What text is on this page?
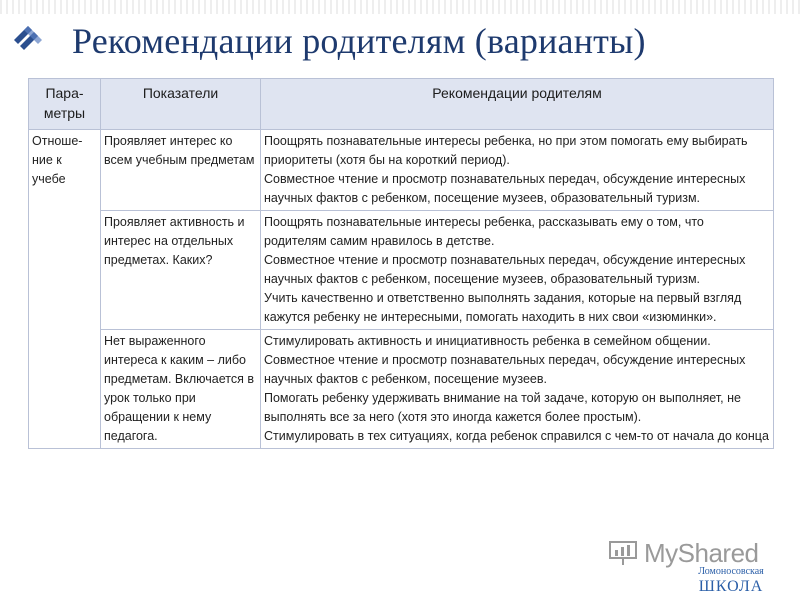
Рекомендации родителям (варианты)
Пара-метры	Показатели	Рекомендации родителям
Отноше-ние к учебе	Проявляет интерес ко всем учебным предметам	Поощрять познавательные интересы ребенка, но при этом помогать ему выбирать приоритеты (хотя бы на короткий период).
Совместное чтение и просмотр познавательных передач, обсуждение интересных научных фактов с ребенком, посещение музеев, образовательный туризм.

	Проявляет активность и интерес на отдельных предметах. Каких?	Поощрять познавательные интересы ребенка, рассказывать ему о том, что родителям самим нравилось в детстве.
Совместное чтение и просмотр познавательных передач, обсуждение интересных научных фактов с ребенком, посещение музеев, образовательный туризм.
Учить качественно и ответственно выполнять задания, которые на первый взгляд кажутся ребенку не интересными, помогать находить в них свои «изюминки».

	Нет выраженного интереса к каким – либо предметам. Включается в урок только при обращении к нему педагога.	Стимулировать активность и инициативность ребенка в семейном общении. Совместное чтение и просмотр познавательных передач, обсуждение интересных научных фактов с ребенком, посещение музеев.
Помогать ребенку удерживать внимание на той задаче, которую он выполняет, не выполнять все за него (хотя это иногда кажется более простым).
Стимулировать в тех ситуациях, когда ребенок справился с чем-то от начала до конца
MyShared
Ломоносовская
ШКОЛА
